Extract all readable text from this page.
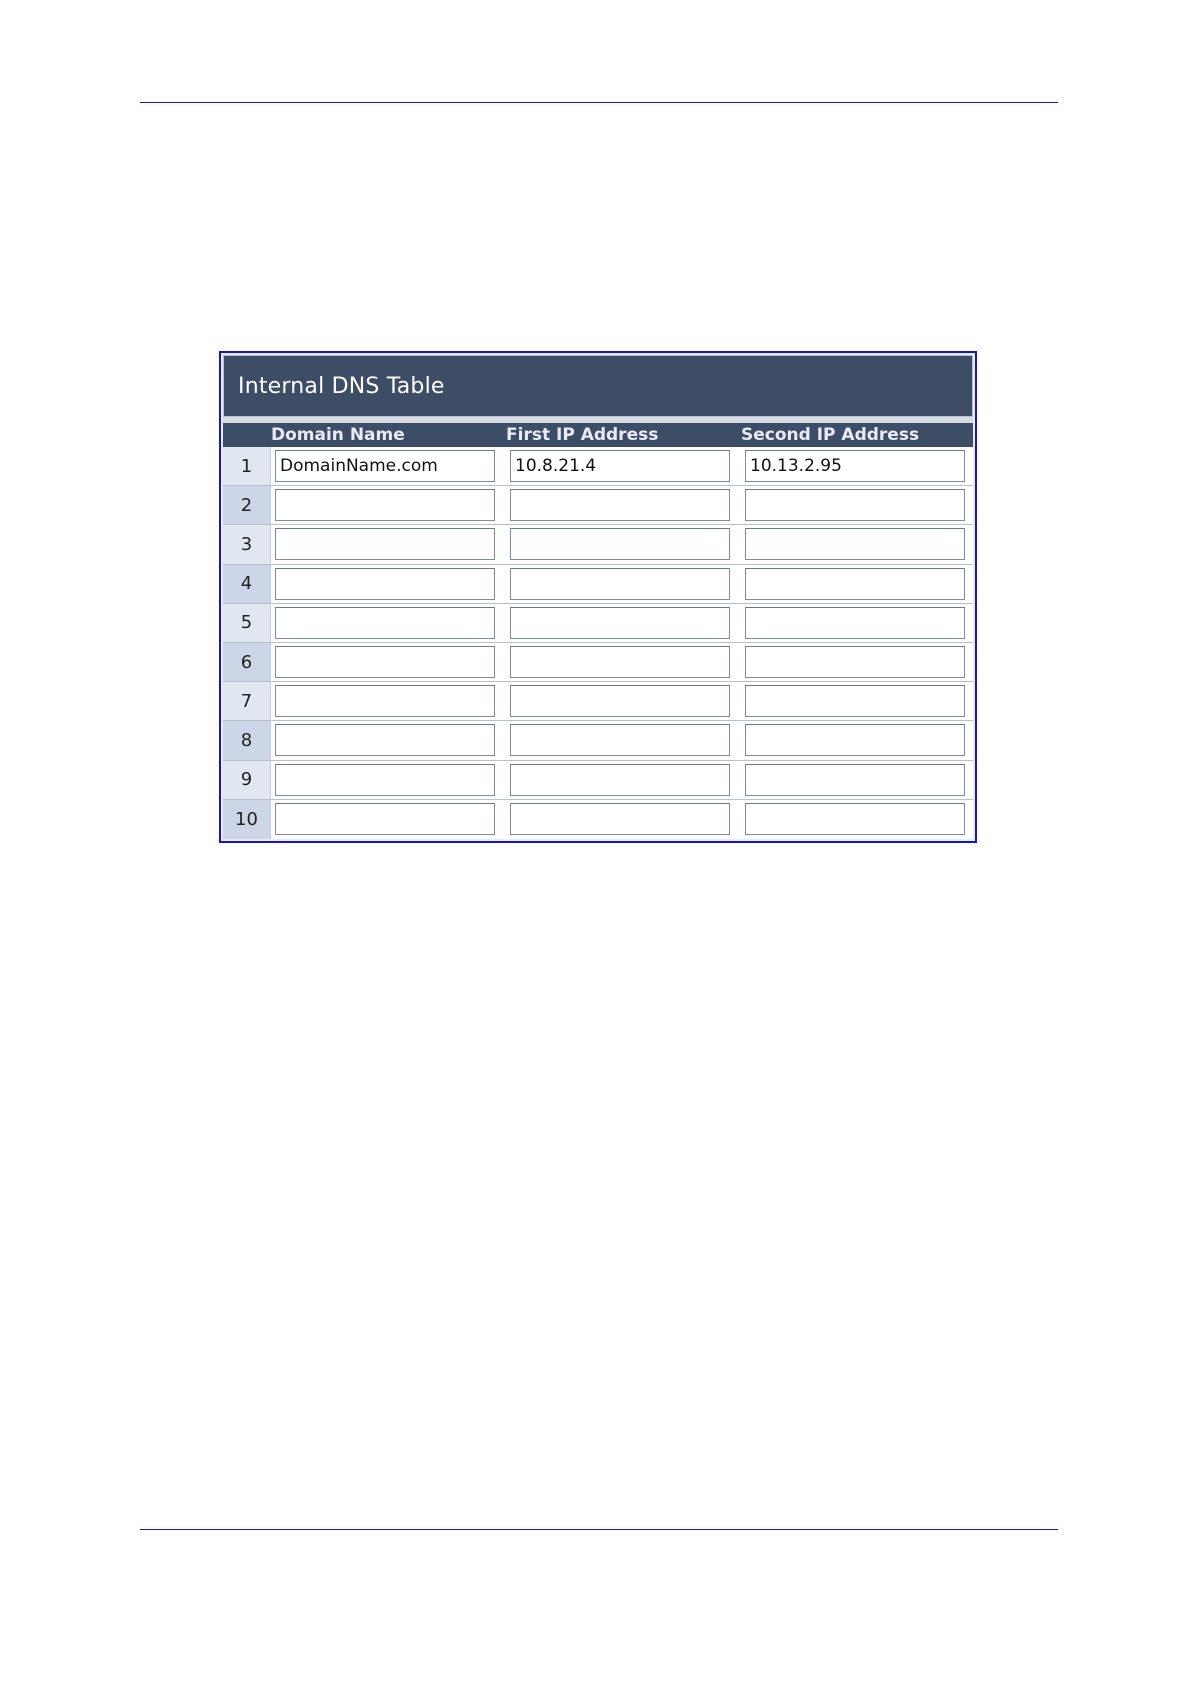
Internal DNS Table
Domain Name	First IP Address	Second IP Address
1
DomainName.com
10.8.21.4
10.13.2.95
2
3
4
5
6
7
8
9
10
